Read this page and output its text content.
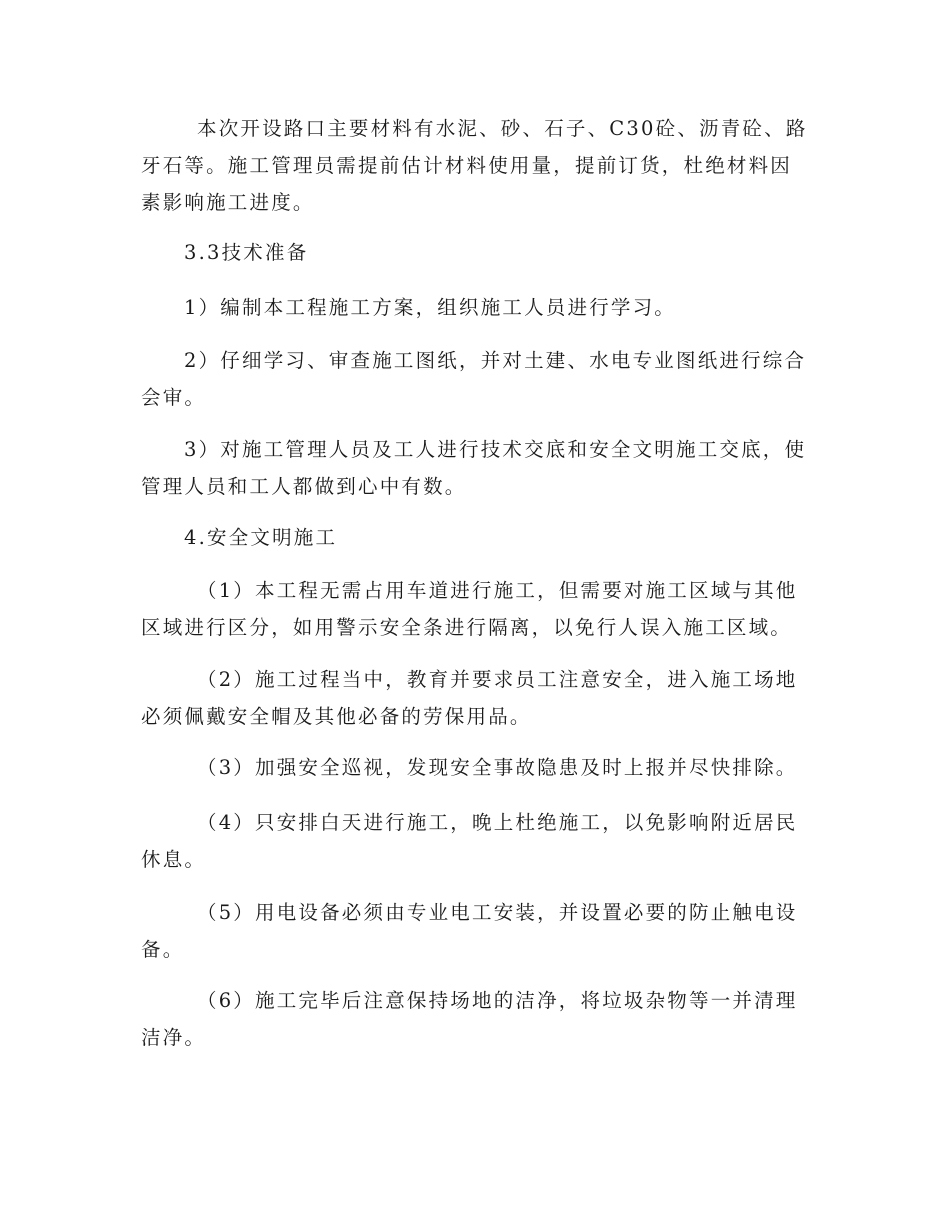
本次开设路口主要材料有水泥、砂、石子、C30砼、沥青砼、路
牙石等。施工管理员需提前估计材料使用量，提前订货，杜绝材料因
素影响施工进度。

3.3技术准备

1）编制本工程施工方案，组织施工人员进行学习。

2）仔细学习、审查施工图纸，并对土建、水电专业图纸进行综合
会审。

3）对施工管理人员及工人进行技术交底和安全文明施工交底，使
管理人员和工人都做到心中有数。

4.安全文明施工

（1）本工程无需占用车道进行施工，但需要对施工区域与其他
区域进行区分，如用警示安全条进行隔离，以免行人误入施工区域。

（2）施工过程当中，教育并要求员工注意安全，进入施工场地
必须佩戴安全帽及其他必备的劳保用品。

（3）加强安全巡视，发现安全事故隐患及时上报并尽快排除。

（4）只安排白天进行施工，晚上杜绝施工，以免影响附近居民
休息。

（5）用电设备必须由专业电工安装，并设置必要的防止触电设
备。

（6）施工完毕后注意保持场地的洁净，将垃圾杂物等一并清理
洁净。
